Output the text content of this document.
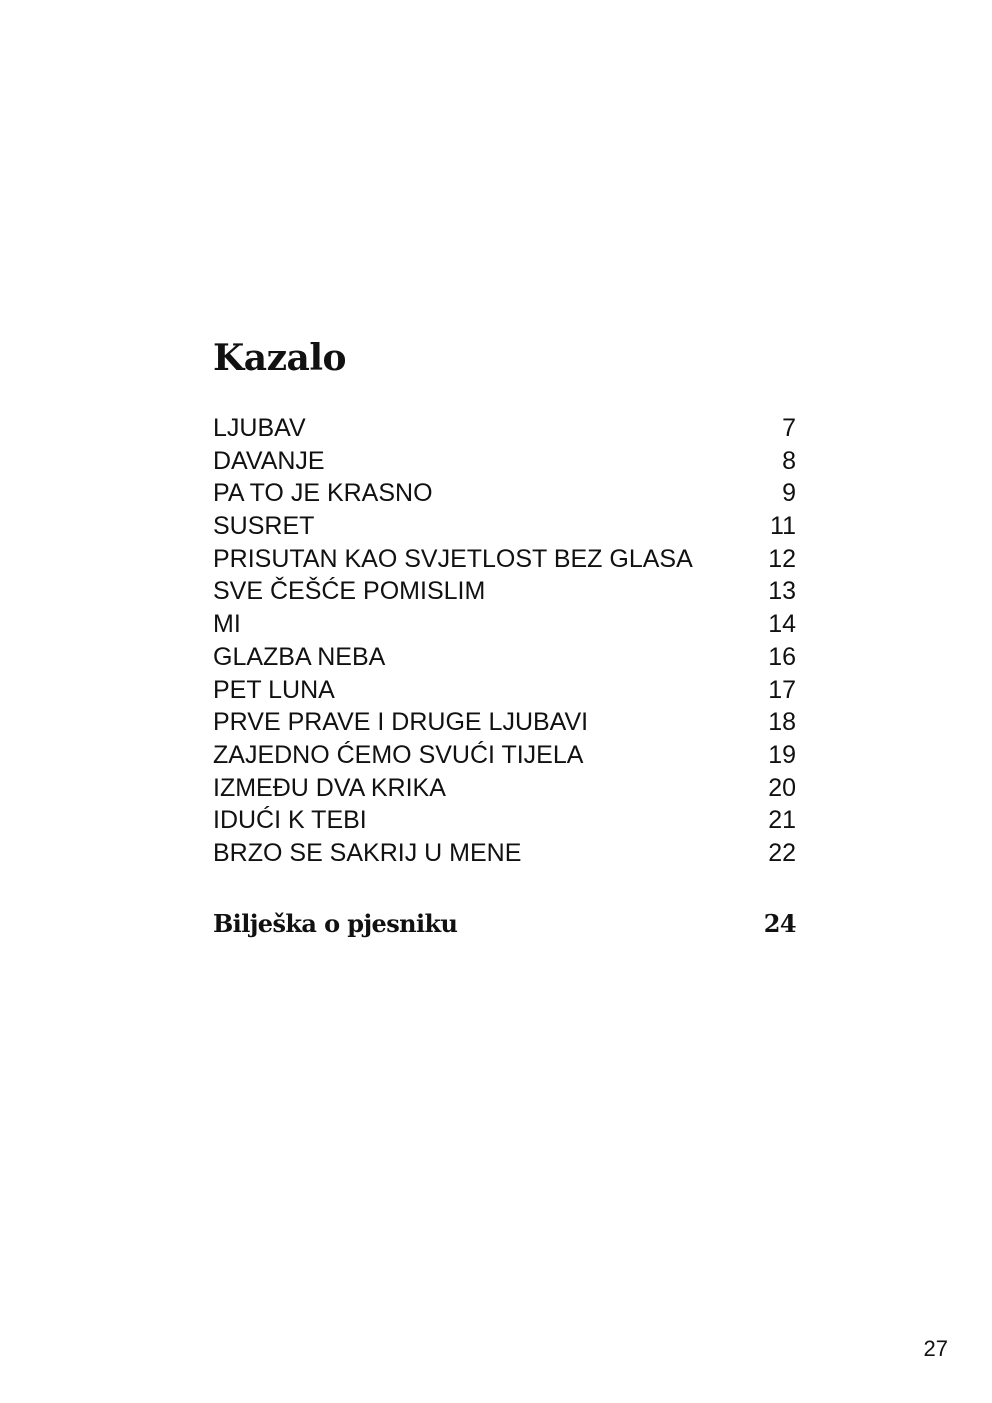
Kazalo
LJUBAV	7
DAVANJE	8
PA TO JE KRASNO	9
SUSRET	11
PRISUTAN KAO SVJETLOST BEZ GLASA	12
SVE ČEŠĆE POMISLIM	13
MI	14
GLAZBA NEBA	16
PET LUNA	17
PRVE PRAVE I DRUGE LJUBAVI	18
ZAJEDNO ĆEMO SVUĆI TIJELA	19
IZMEĐU DVA KRIKA	20
IDUĆI K TEBI	21
BRZO SE SAKRIJ U MENE	22
Bilješka o pjesniku	24
27
